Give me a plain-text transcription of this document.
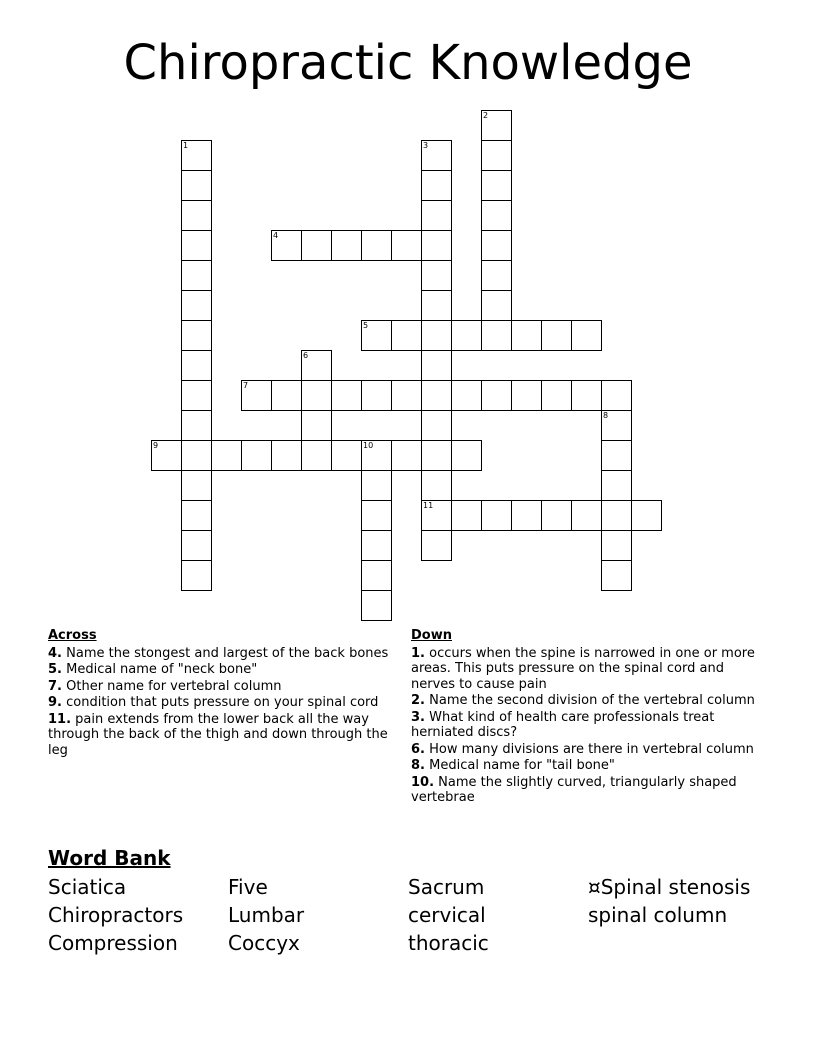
Chiropractic Knowledge
1
2
3
11
4
5
6
7
8
9	10
Across
4. Name the stongest and largest of the back bones
5. Medical name of "neck bone"
7. Other name for vertebral column
9. condition that puts pressure on your spinal cord
11. pain extends from the lower back all the way through the back of the thigh and down through the leg
Down
1. occurs when the spine is narrowed in one or more areas. This puts pressure on the spinal cord and nerves to cause pain
2. Name the second division of the vertebral column
3. What kind of health care professionals treat herniated discs?
6. How many divisions are there in vertebral column
8. Medical name for "tail bone"
10. Name the slightly curved, triangularly shaped vertebrae
Word Bank
Sciatica	Five	Sacrum	¤Spinal stenosis
Chiropractors Lumbar	cervical	spinal column
Compression	Coccyx	thoracic
